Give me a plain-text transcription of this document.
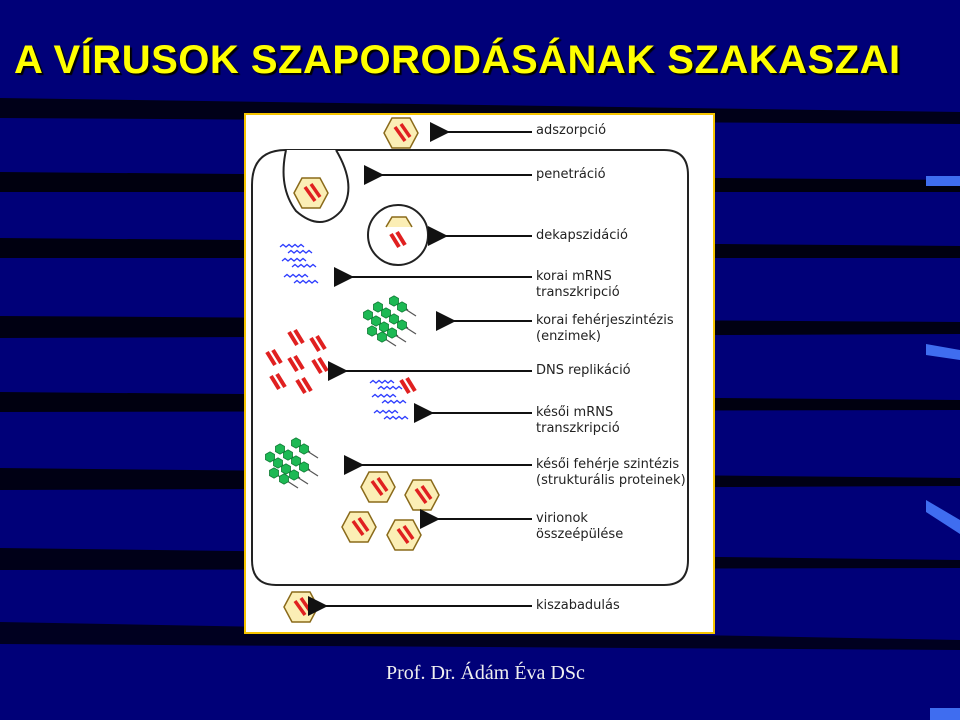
A VÍRUSOK SZAPORODÁSÁNAK SZAKASZAI
adszorpció
penetráció
dekapszidáció
korai mRNS
transzkripció
korai fehérjeszintézis
(enzimek)
DNS replikáció
késői mRNS
transzkripció
késői fehérje szintézis
(strukturális proteinek)
virionok
összeépülése
kiszabadulás
Prof. Dr. Ádám Éva DSc
